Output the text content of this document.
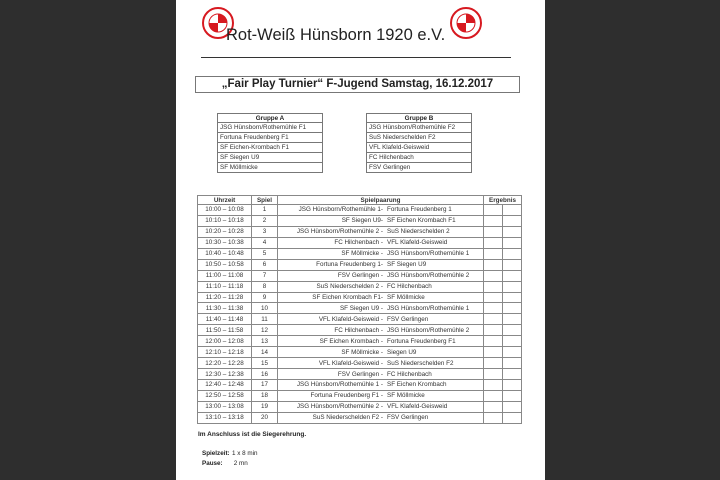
Rot-Weiß Hünsborn 1920 e.V.
„Fair Play Turnier“ F-Jugend Samstag, 16.12.2017
Gruppe A
JSG Hünsborn/Rothemühle F1
Fortuna Freudenberg F1
SF Eichen-Krombach F1
SF Siegen U9
SF Möllmicke
Gruppe B
JSG Hünsborn/Rothemühle F2
SuS Niederschelden F2
VFL Klafeld-Geisweid
FC Hilchenbach
FSV Gerlingen
Uhrzeit	Spiel	Spielpaarung	Ergebnis	
10:00 – 10:08	1	JSG Hünsborn/Rothemühle 1- Fortuna Freudenberg 1		

10:10 – 10:18	2	SF Siegen U9- SF Eichen Krombach F1		

10:20 – 10:28	3	JSG Hünsborn/Rothemühle 2 - SuS Niederschelden 2		

10:30 – 10:38	4	FC Hilchenbach - VFL Klafeld-Geisweid		

10:40 – 10:48	5	SF Möllmicke - JSG Hünsborn/Rothemühle 1		

10:50 – 10:58	6	Fortuna Freudenberg 1- SF Siegen U9		

11:00 – 11:08	7	FSV Gerlingen - JSG Hünsborn/Rothemühle 2		

11:10 – 11:18	8	SuS Niederschelden 2 - FC Hilchenbach		

11:20 – 11:28	9	SF Eichen Krombach F1- SF Möllmicke		

11:30 – 11:38	10	SF Siegen U9 - JSG Hünsborn/Rothemühle 1		

11:40 – 11:48	11	VFL Klafeld-Geisweid - FSV Gerlingen		

11:50 – 11:58	12	FC Hilchenbach - JSG Hünsborn/Rothemühle 2		

12:00 – 12:08	13	SF Eichen Krombach - Fortuna Freudenberg F1		

12:10 – 12:18	14	SF Möllmicke - Siegen U9		

12:20 – 12:28	15	VFL Klafeld-Geisweid - SuS Niederschelden F2		

12:30 – 12:38	16	FSV Gerlingen - FC Hilchenbach		

12:40 – 12:48	17	JSG Hünsborn/Rothemühle 1 - SF Eichen Krombach		

12:50 – 12:58	18	Fortuna Freudenberg F1 - SF Möllmicke		

13:00 – 13:08	19	JSG Hünsborn/Rothemühle 2 - VFL Klafeld-Geisweid		

13:10 – 13:18	20	SuS Niederschelden F2 - FSV Gerlingen		

Im Anschluss ist die Siegerehrung.
Spielzeit: 1 x 8 min
Pause: 2 mn
